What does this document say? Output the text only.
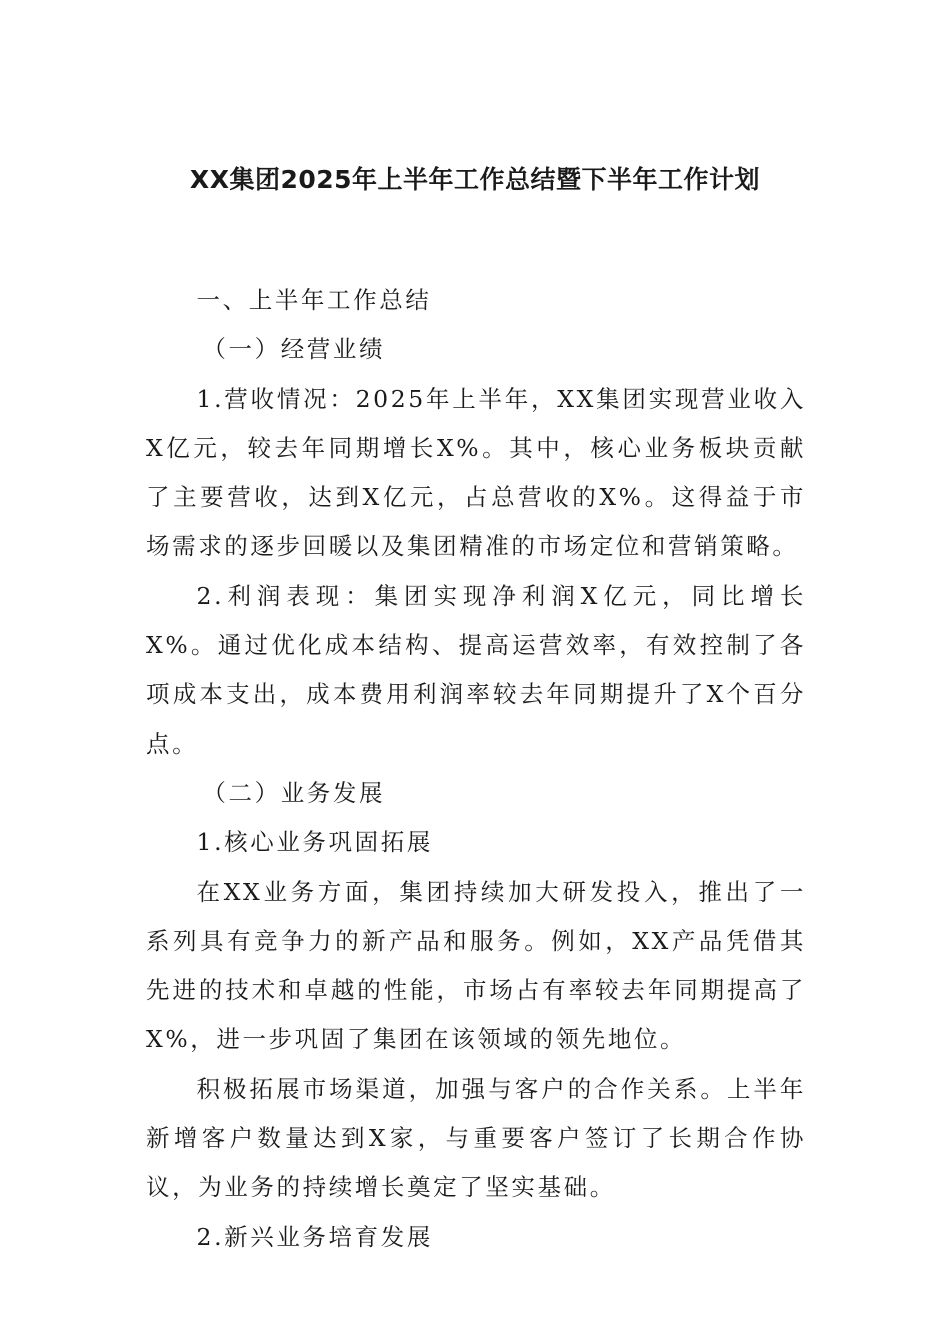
XX集团2025年上半年工作总结暨下半年工作计划

一、上半年工作总结

（一）经营业绩

1.营收情况：2025年上半年，XX集团实现营业收入X亿元，较去年同期增长X%。其中，核心业务板块贡献了主要营收，达到X亿元，占总营收的X%。这得益于市场需求的逐步回暖以及集团精准的市场定位和营销策略。

2.利润表现：集团实现净利润X亿元，同比增长X%。通过优化成本结构、提高运营效率，有效控制了各项成本支出，成本费用利润率较去年同期提升了X个百分点。

（二）业务发展

1.核心业务巩固拓展

在XX业务方面，集团持续加大研发投入，推出了一系列具有竞争力的新产品和服务。例如，XX产品凭借其先进的技术和卓越的性能，市场占有率较去年同期提高了X%，进一步巩固了集团在该领域的领先地位。

积极拓展市场渠道，加强与客户的合作关系。上半年新增客户数量达到X家，与重要客户签订了长期合作协议，为业务的持续增长奠定了坚实基础。

2.新兴业务培育发展
